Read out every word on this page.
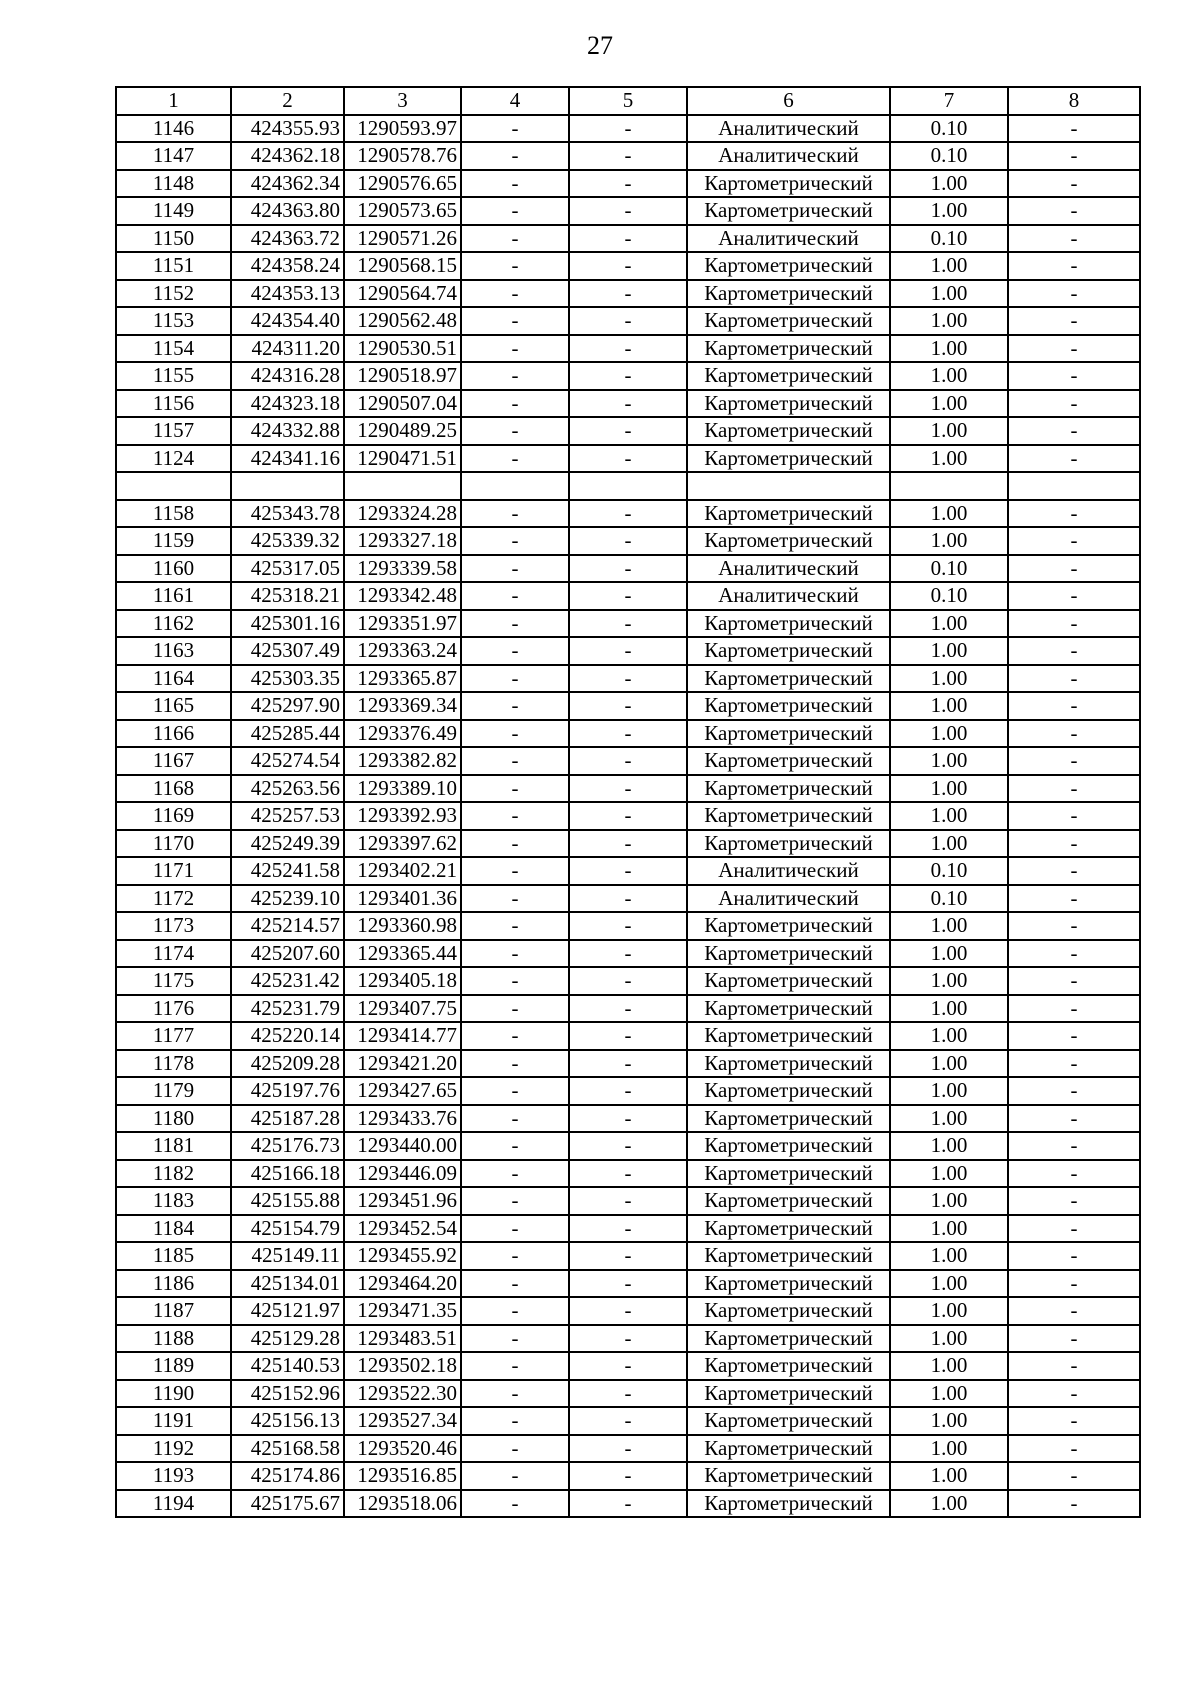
27
1	2	3	4	5	6	7	8
1146	424355.93	1290593.97	-	-	Аналитический	0.10	-
1147	424362.18	1290578.76	-	-	Аналитический	0.10	-
1148	424362.34	1290576.65	-	-	Картометрический	1.00	-
1149	424363.80	1290573.65	-	-	Картометрический	1.00	-
1150	424363.72	1290571.26	-	-	Аналитический	0.10	-
1151	424358.24	1290568.15	-	-	Картометрический	1.00	-
1152	424353.13	1290564.74	-	-	Картометрический	1.00	-
1153	424354.40	1290562.48	-	-	Картометрический	1.00	-
1154	424311.20	1290530.51	-	-	Картометрический	1.00	-
1155	424316.28	1290518.97	-	-	Картометрический	1.00	-
1156	424323.18	1290507.04	-	-	Картометрический	1.00	-
1157	424332.88	1290489.25	-	-	Картометрический	1.00	-
1124	424341.16	1290471.51	-	-	Картометрический	1.00	-

1158	425343.78	1293324.28	-	-	Картометрический	1.00	-
1159	425339.32	1293327.18	-	-	Картометрический	1.00	-
1160	425317.05	1293339.58	-	-	Аналитический	0.10	-
1161	425318.21	1293342.48	-	-	Аналитический	0.10	-
1162	425301.16	1293351.97	-	-	Картометрический	1.00	-
1163	425307.49	1293363.24	-	-	Картометрический	1.00	-
1164	425303.35	1293365.87	-	-	Картометрический	1.00	-
1165	425297.90	1293369.34	-	-	Картометрический	1.00	-
1166	425285.44	1293376.49	-	-	Картометрический	1.00	-
1167	425274.54	1293382.82	-	-	Картометрический	1.00	-
1168	425263.56	1293389.10	-	-	Картометрический	1.00	-
1169	425257.53	1293392.93	-	-	Картометрический	1.00	-
1170	425249.39	1293397.62	-	-	Картометрический	1.00	-
1171	425241.58	1293402.21	-	-	Аналитический	0.10	-
1172	425239.10	1293401.36	-	-	Аналитический	0.10	-
1173	425214.57	1293360.98	-	-	Картометрический	1.00	-
1174	425207.60	1293365.44	-	-	Картометрический	1.00	-
1175	425231.42	1293405.18	-	-	Картометрический	1.00	-
1176	425231.79	1293407.75	-	-	Картометрический	1.00	-
1177	425220.14	1293414.77	-	-	Картометрический	1.00	-
1178	425209.28	1293421.20	-	-	Картометрический	1.00	-
1179	425197.76	1293427.65	-	-	Картометрический	1.00	-
1180	425187.28	1293433.76	-	-	Картометрический	1.00	-
1181	425176.73	1293440.00	-	-	Картометрический	1.00	-
1182	425166.18	1293446.09	-	-	Картометрический	1.00	-
1183	425155.88	1293451.96	-	-	Картометрический	1.00	-
1184	425154.79	1293452.54	-	-	Картометрический	1.00	-
1185	425149.11	1293455.92	-	-	Картометрический	1.00	-
1186	425134.01	1293464.20	-	-	Картометрический	1.00	-
1187	425121.97	1293471.35	-	-	Картометрический	1.00	-
1188	425129.28	1293483.51	-	-	Картометрический	1.00	-
1189	425140.53	1293502.18	-	-	Картометрический	1.00	-
1190	425152.96	1293522.30	-	-	Картометрический	1.00	-
1191	425156.13	1293527.34	-	-	Картометрический	1.00	-
1192	425168.58	1293520.46	-	-	Картометрический	1.00	-
1193	425174.86	1293516.85	-	-	Картометрический	1.00	-
1194	425175.67	1293518.06	-	-	Картометрический	1.00	-
